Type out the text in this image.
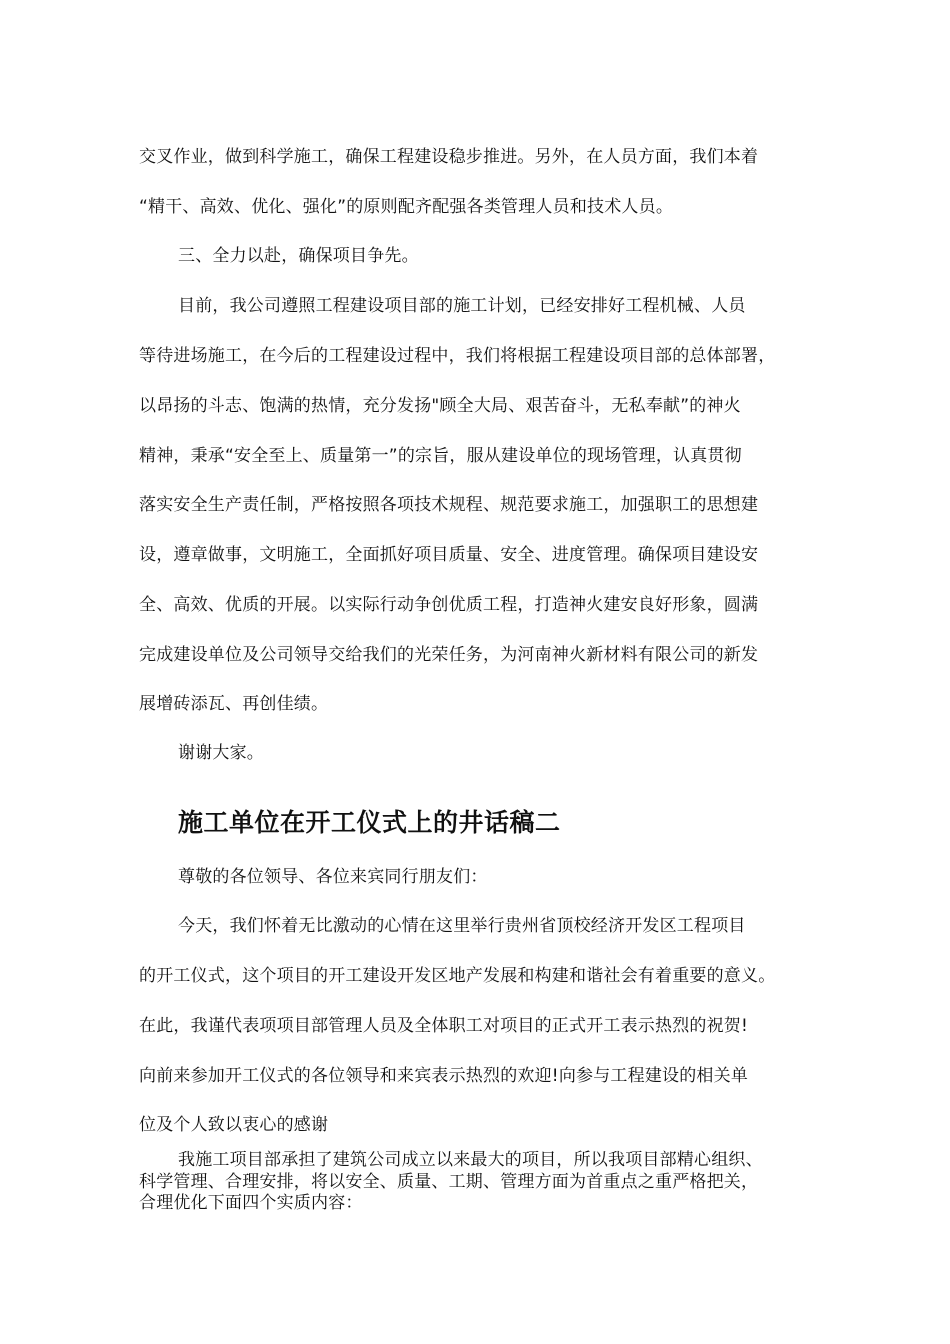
交叉作业，做到科学施工，确保工程建设稳步推进。另外，在人员方面，我们本着
“精干、高效、优化、强化”的原则配齐配强各类管理人员和技术人员。
三、全力以赴，确保项目争先。
目前，我公司遵照工程建设项目部的施工计划，已经安排好工程机械、人员
等待进场施工，在今后的工程建设过程中，我们将根据工程建设项目部的总体部署，
以昂扬的斗志、饱满的热情，充分发扬"顾全大局、艰苦奋斗，无私奉献”的神火
精神，秉承“安全至上、质量第一”的宗旨，服从建设单位的现场管理，认真贯彻
落实安全生产责任制，严格按照各项技术规程、规范要求施工，加强职工的思想建
设，遵章做事，文明施工，全面抓好项目质量、安全、进度管理。确保项目建设安
全、高效、优质的开展。以实际行动争创优质工程，打造神火建安良好形象，圆满
完成建设单位及公司领导交给我们的光荣任务，为河南神火新材料有限公司的新发
展增砖添瓦、再创佳绩。
谢谢大家。
施工单位在开工仪式上的井话稿二
尊敬的各位领导、各位来宾同行朋友们：
今天，我们怀着无比激动的心情在这里举行贵州省顶校经济开发区工程项目
的开工仪式，这个项目的开工建设开发区地产发展和构建和谐社会有着重要的意义。
在此，我谨代表项项目部管理人员及全体职工对项目的正式开工表示热烈的祝贺!
向前来参加开工仪式的各位领导和来宾表示热烈的欢迎!向参与工程建设的相关单
位及个人致以衷心的感谢
我施工项目部承担了建筑公司成立以来最大的项目，所以我项目部精心组织、
科学管理、合理安排，将以安全、质量、工期、管理方面为首重点之重严格把关，
合理优化下面四个实质内容：
